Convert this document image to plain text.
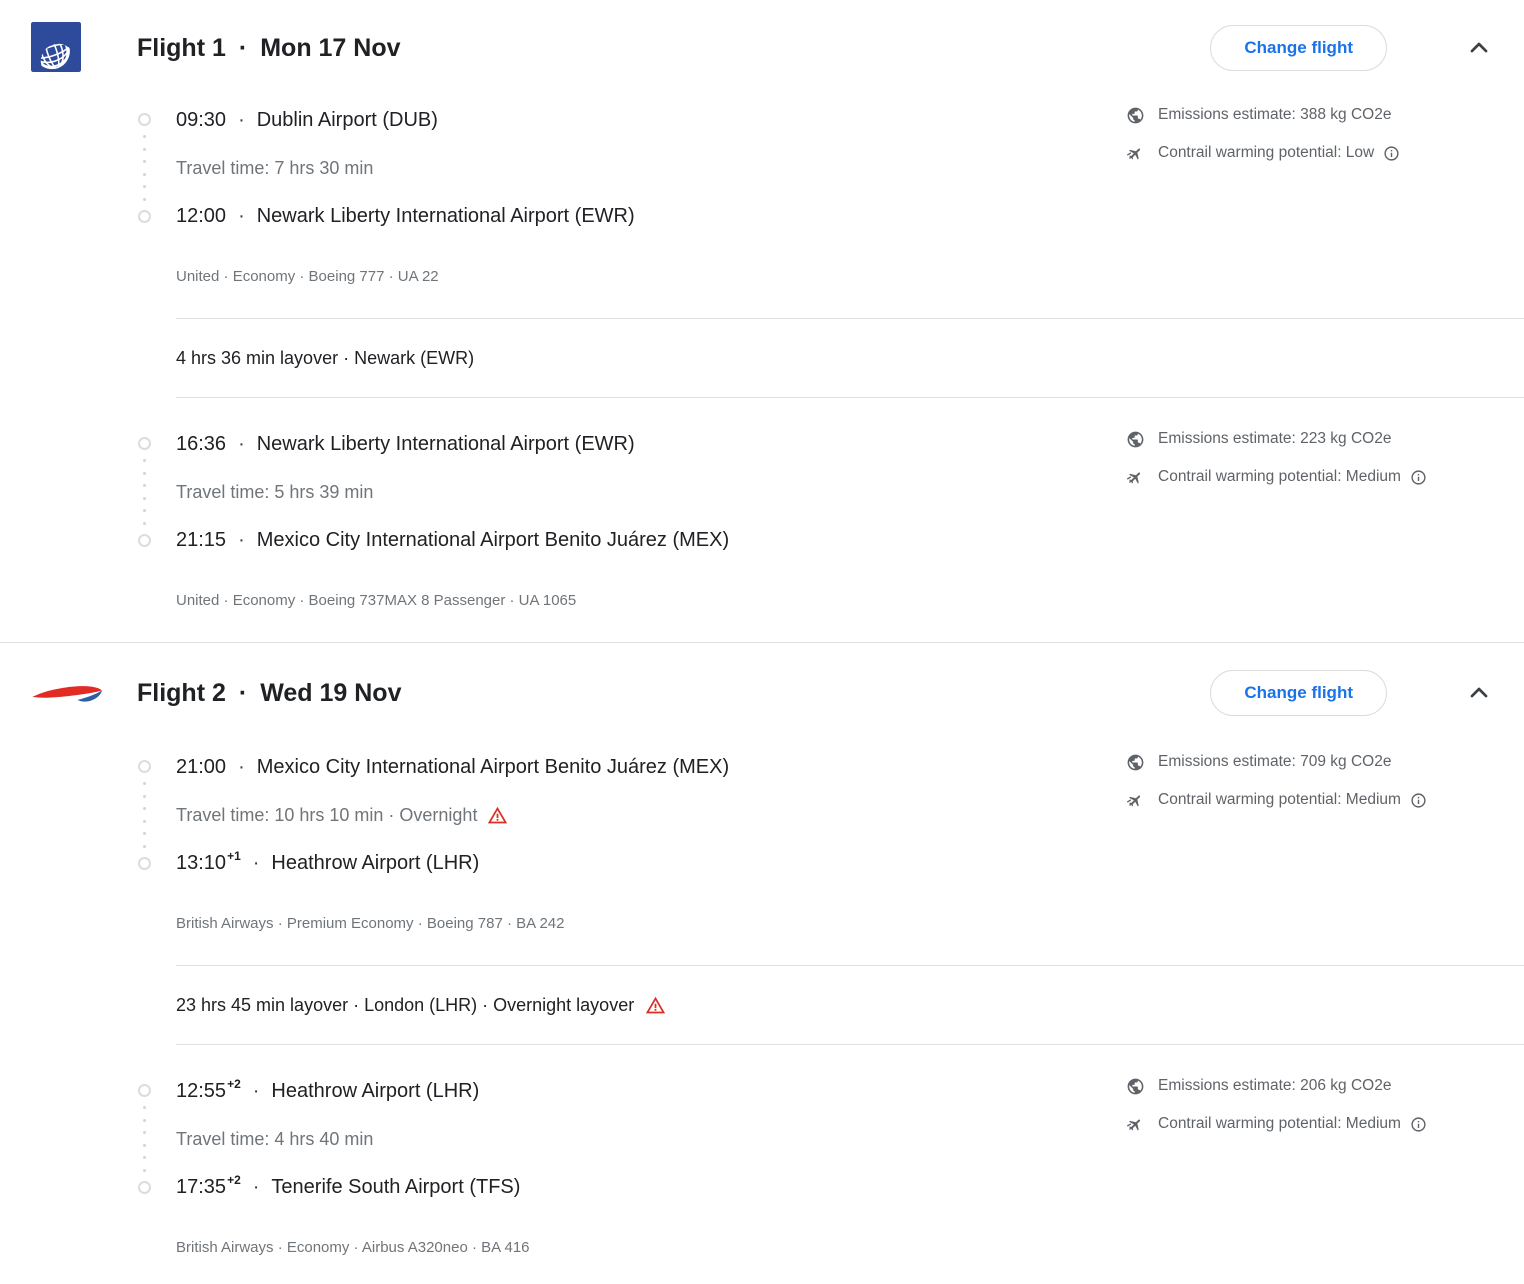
Flight 1 · Mon 17 Nov	Change flight
09:30 · Dublin Airport (DUB)
Travel time: 7 hrs 30 min
12:00 · Newark Liberty International Airport (EWR)
United · Economy · Boeing 777 · UA 22
Emissions estimate: 388 kg CO2e
Contrail warming potential: Low
4 hrs 36 min layover · Newark (EWR)
16:36 · Newark Liberty International Airport (EWR)
Travel time: 5 hrs 39 min
21:15 · Mexico City International Airport Benito Juárez (MEX)
United · Economy · Boeing 737MAX 8 Passenger · UA 1065
Emissions estimate: 223 kg CO2e
Contrail warming potential: Medium
Flight 2 · Wed 19 Nov	Change flight
21:00 · Mexico City International Airport Benito Juárez (MEX)
Travel time: 10 hrs 10 min · Overnight
$13:10^{+1}$ · Heathrow Airport (LHR)
British Airways · Premium Economy · Boeing 787 · BA 242
Emissions estimate: 709 kg CO2e
Contrail warming potential: Medium
23 hrs 45 min layover · London (LHR) · Overnight layover
$12:55^{+2}$ · Heathrow Airport (LHR)
Travel time: 4 hrs 40 min
$17:35^{+2}$ · Tenerife South Airport (TFS)
British Airways · Economy · Airbus A320neo · BA 416
Emissions estimate: 206 kg CO2e
Contrail warming potential: Medium
